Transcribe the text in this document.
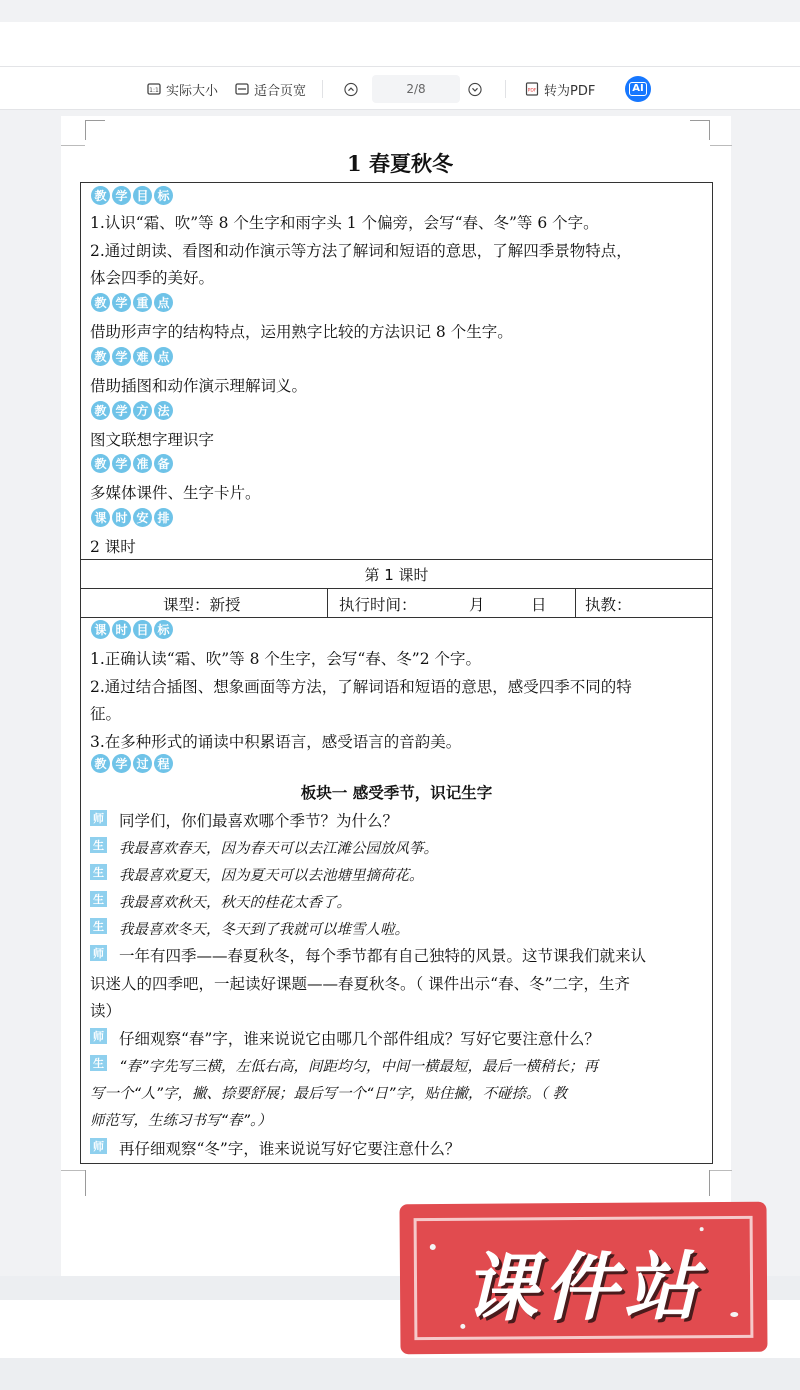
1:1 实际大小	适合页宽	2/8	PDF 转为PDF	AI
1 春夏秋冬
教 学 目 标
1.认识“霜、吹”等 8 个生字和雨字头 1 个偏旁，会写“春、冬”等 6 个字。
2.通过朗读、看图和动作演示等方法了解词和短语的意思，了解四季景物特点，
体会四季的美好。
教 学 重 点
借助形声字的结构特点，运用熟字比较的方法识记 8 个生字。
教 学 难 点
借助插图和动作演示理解词义。
教 学 方 法
图文联想字理识字
教 学 准 备
多媒体课件、生字卡片。
课 时 安 排
2 课时
第 1 课时
课型：新授	执行时间：	月	日 执教：
课 时 目 标
1.正确认读“霜、吹”等 8 个生字，会写“春、冬”2 个字。
2.通过结合插图、想象画面等方法，了解词语和短语的意思，感受四季不同的特
征。
3.在多种形式的诵读中积累语言，感受语言的音韵美。
教 学 过 程
板块一 感受季节，识记生字
师 同学们，你们最喜欢哪个季节？为什么？
生 我最喜欢春天，因为春天可以去江滩公园放风筝。
生 我最喜欢夏天，因为夏天可以去池塘里摘荷花。
生 我最喜欢秋天，秋天的桂花太香了。
生 我最喜欢冬天，冬天到了我就可以堆雪人啦。
师 一年有四季——春夏秋冬，每个季节都有自己独特的风景。这节课我们就来认
识迷人的四季吧，一起读好课题——春夏秋冬。（ 课件出示“春、冬”二字，生齐
读）
师 仔细观察“春”字，谁来说说它由哪几个部件组成？写好它要注意什么？
生 “春”字先写三横，左低右高，间距均匀，中间一横最短，最后一横稍长；再
写一个“人”字，撇、捺要舒展；最后写一个“日”字，贴住撇，不碰捺。（ 教
师范写，生练习书写“春”。）
师 再仔细观察“冬”字，谁来说说写好它要注意什么？
课件站
